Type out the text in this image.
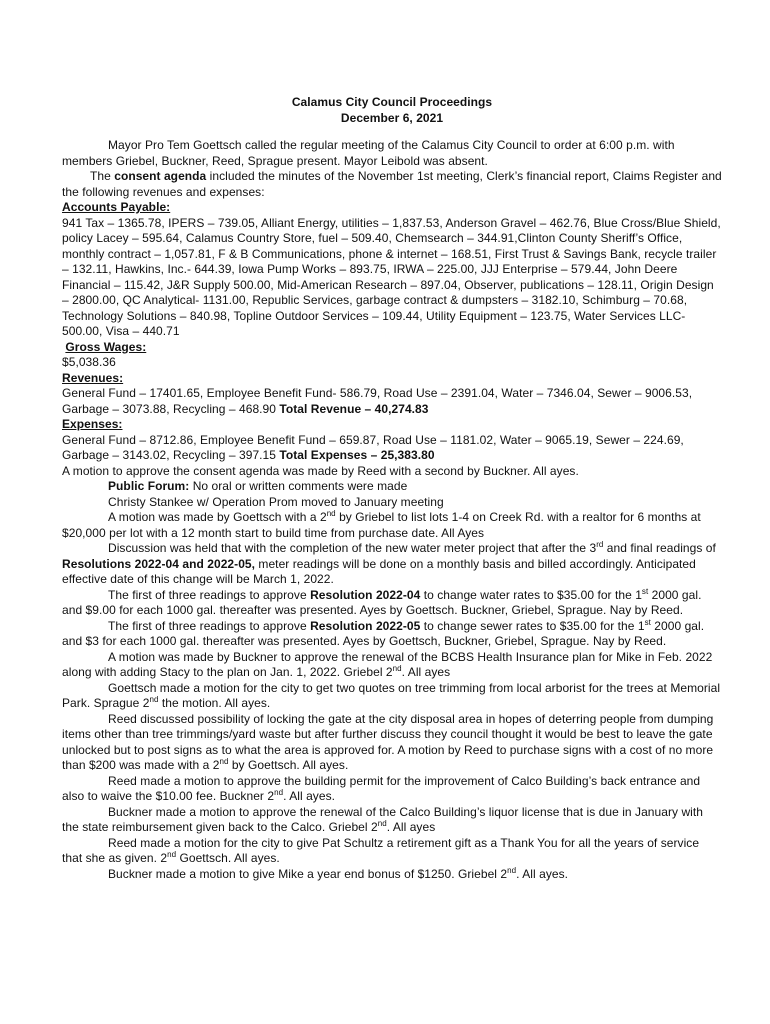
Calamus City Council Proceedings

December 6, 2021

Mayor Pro Tem Goettsch called the regular meeting of the Calamus City Council to order at 6:00 p.m. with members Griebel, Buckner, Reed, Sprague present. Mayor Leibold was absent.

The consent agenda included the minutes of the November 1st meeting, Clerk’s financial report, Claims Register and the following revenues and expenses:

Accounts Payable:

941 Tax – 1365.78, IPERS – 739.05, Alliant Energy, utilities – 1,837.53, Anderson Gravel – 462.76, Blue Cross/Blue Shield, policy Lacey – 595.64, Calamus Country Store, fuel – 509.40, Chemsearch – 344.91,Clinton County Sheriff’s Office, monthly contract – 1,057.81, F & B Communications, phone & internet – 168.51, First Trust & Savings Bank, recycle trailer – 132.11, Hawkins, Inc.- 644.39, Iowa Pump Works – 893.75, IRWA – 225.00, JJJ Enterprise – 579.44, John Deere Financial – 115.42, J&R Supply 500.00, Mid-American Research – 897.04, Observer, publications – 128.11, Origin Design – 2800.00, QC Analytical- 1131.00, Republic Services, garbage contract & dumpsters – 3182.10, Schimburg – 70.68, Technology Solutions – 840.98, Topline Outdoor Services – 109.44, Utility Equipment – 123.75, Water Services LLC- 500.00, Visa – 440.71

Gross Wages:

$5,038.36

Revenues:

General Fund – 17401.65, Employee Benefit Fund- 586.79, Road Use – 2391.04, Water – 7346.04, Sewer – 9006.53, Garbage – 3073.88, Recycling – 468.90 Total Revenue – 40,274.83

Expenses:

General Fund – 8712.86, Employee Benefit Fund – 659.87, Road Use – 1181.02, Water – 9065.19, Sewer – 224.69, Garbage – 3143.02, Recycling – 397.15 Total Expenses – 25,383.80

A motion to approve the consent agenda was made by Reed with a second by Buckner. All ayes.

Public Forum: No oral or written comments were made

Christy Stankee w/ Operation Prom moved to January meeting

A motion was made by Goettsch with a 2nd by Griebel to list lots 1-4 on Creek Rd. with a realtor for 6 months at $20,000 per lot with a 12 month start to build time from purchase date. All Ayes

Discussion was held that with the completion of the new water meter project that after the 3rd and final readings of Resolutions 2022-04 and 2022-05, meter readings will be done on a monthly basis and billed accordingly. Anticipated effective date of this change will be March 1, 2022.

The first of three readings to approve Resolution 2022-04 to change water rates to $35.00 for the 1st 2000 gal. and $9.00 for each 1000 gal. thereafter was presented. Ayes by Goettsch. Buckner, Griebel, Sprague. Nay by Reed.

The first of three readings to approve Resolution 2022-05 to change sewer rates to $35.00 for the 1st 2000 gal. and $3 for each 1000 gal. thereafter was presented. Ayes by Goettsch, Buckner, Griebel, Sprague. Nay by Reed.

A motion was made by Buckner to approve the renewal of the BCBS Health Insurance plan for Mike in Feb. 2022 along with adding Stacy to the plan on Jan. 1, 2022. Griebel 2nd. All ayes

Goettsch made a motion for the city to get two quotes on tree trimming from local arborist for the trees at Memorial Park. Sprague 2nd the motion. All ayes.

Reed discussed possibility of locking the gate at the city disposal area in hopes of deterring people from dumping items other than tree trimmings/yard waste but after further discuss they council thought it would be best to leave the gate unlocked but to post signs as to what the area is approved for. A motion by Reed to purchase signs with a cost of no more than $200 was made with a 2nd by Goettsch. All ayes.

Reed made a motion to approve the building permit for the improvement of Calco Building’s back entrance and also to waive the $10.00 fee. Buckner 2nd. All ayes.

Buckner made a motion to approve the renewal of the Calco Building’s liquor license that is due in January with the state reimbursement given back to the Calco. Griebel 2nd. All ayes

Reed made a motion for the city to give Pat Schultz a retirement gift as a Thank You for all the years of service that she as given. 2nd Goettsch. All ayes.

Buckner made a motion to give Mike a year end bonus of $1250. Griebel 2nd. All ayes.
